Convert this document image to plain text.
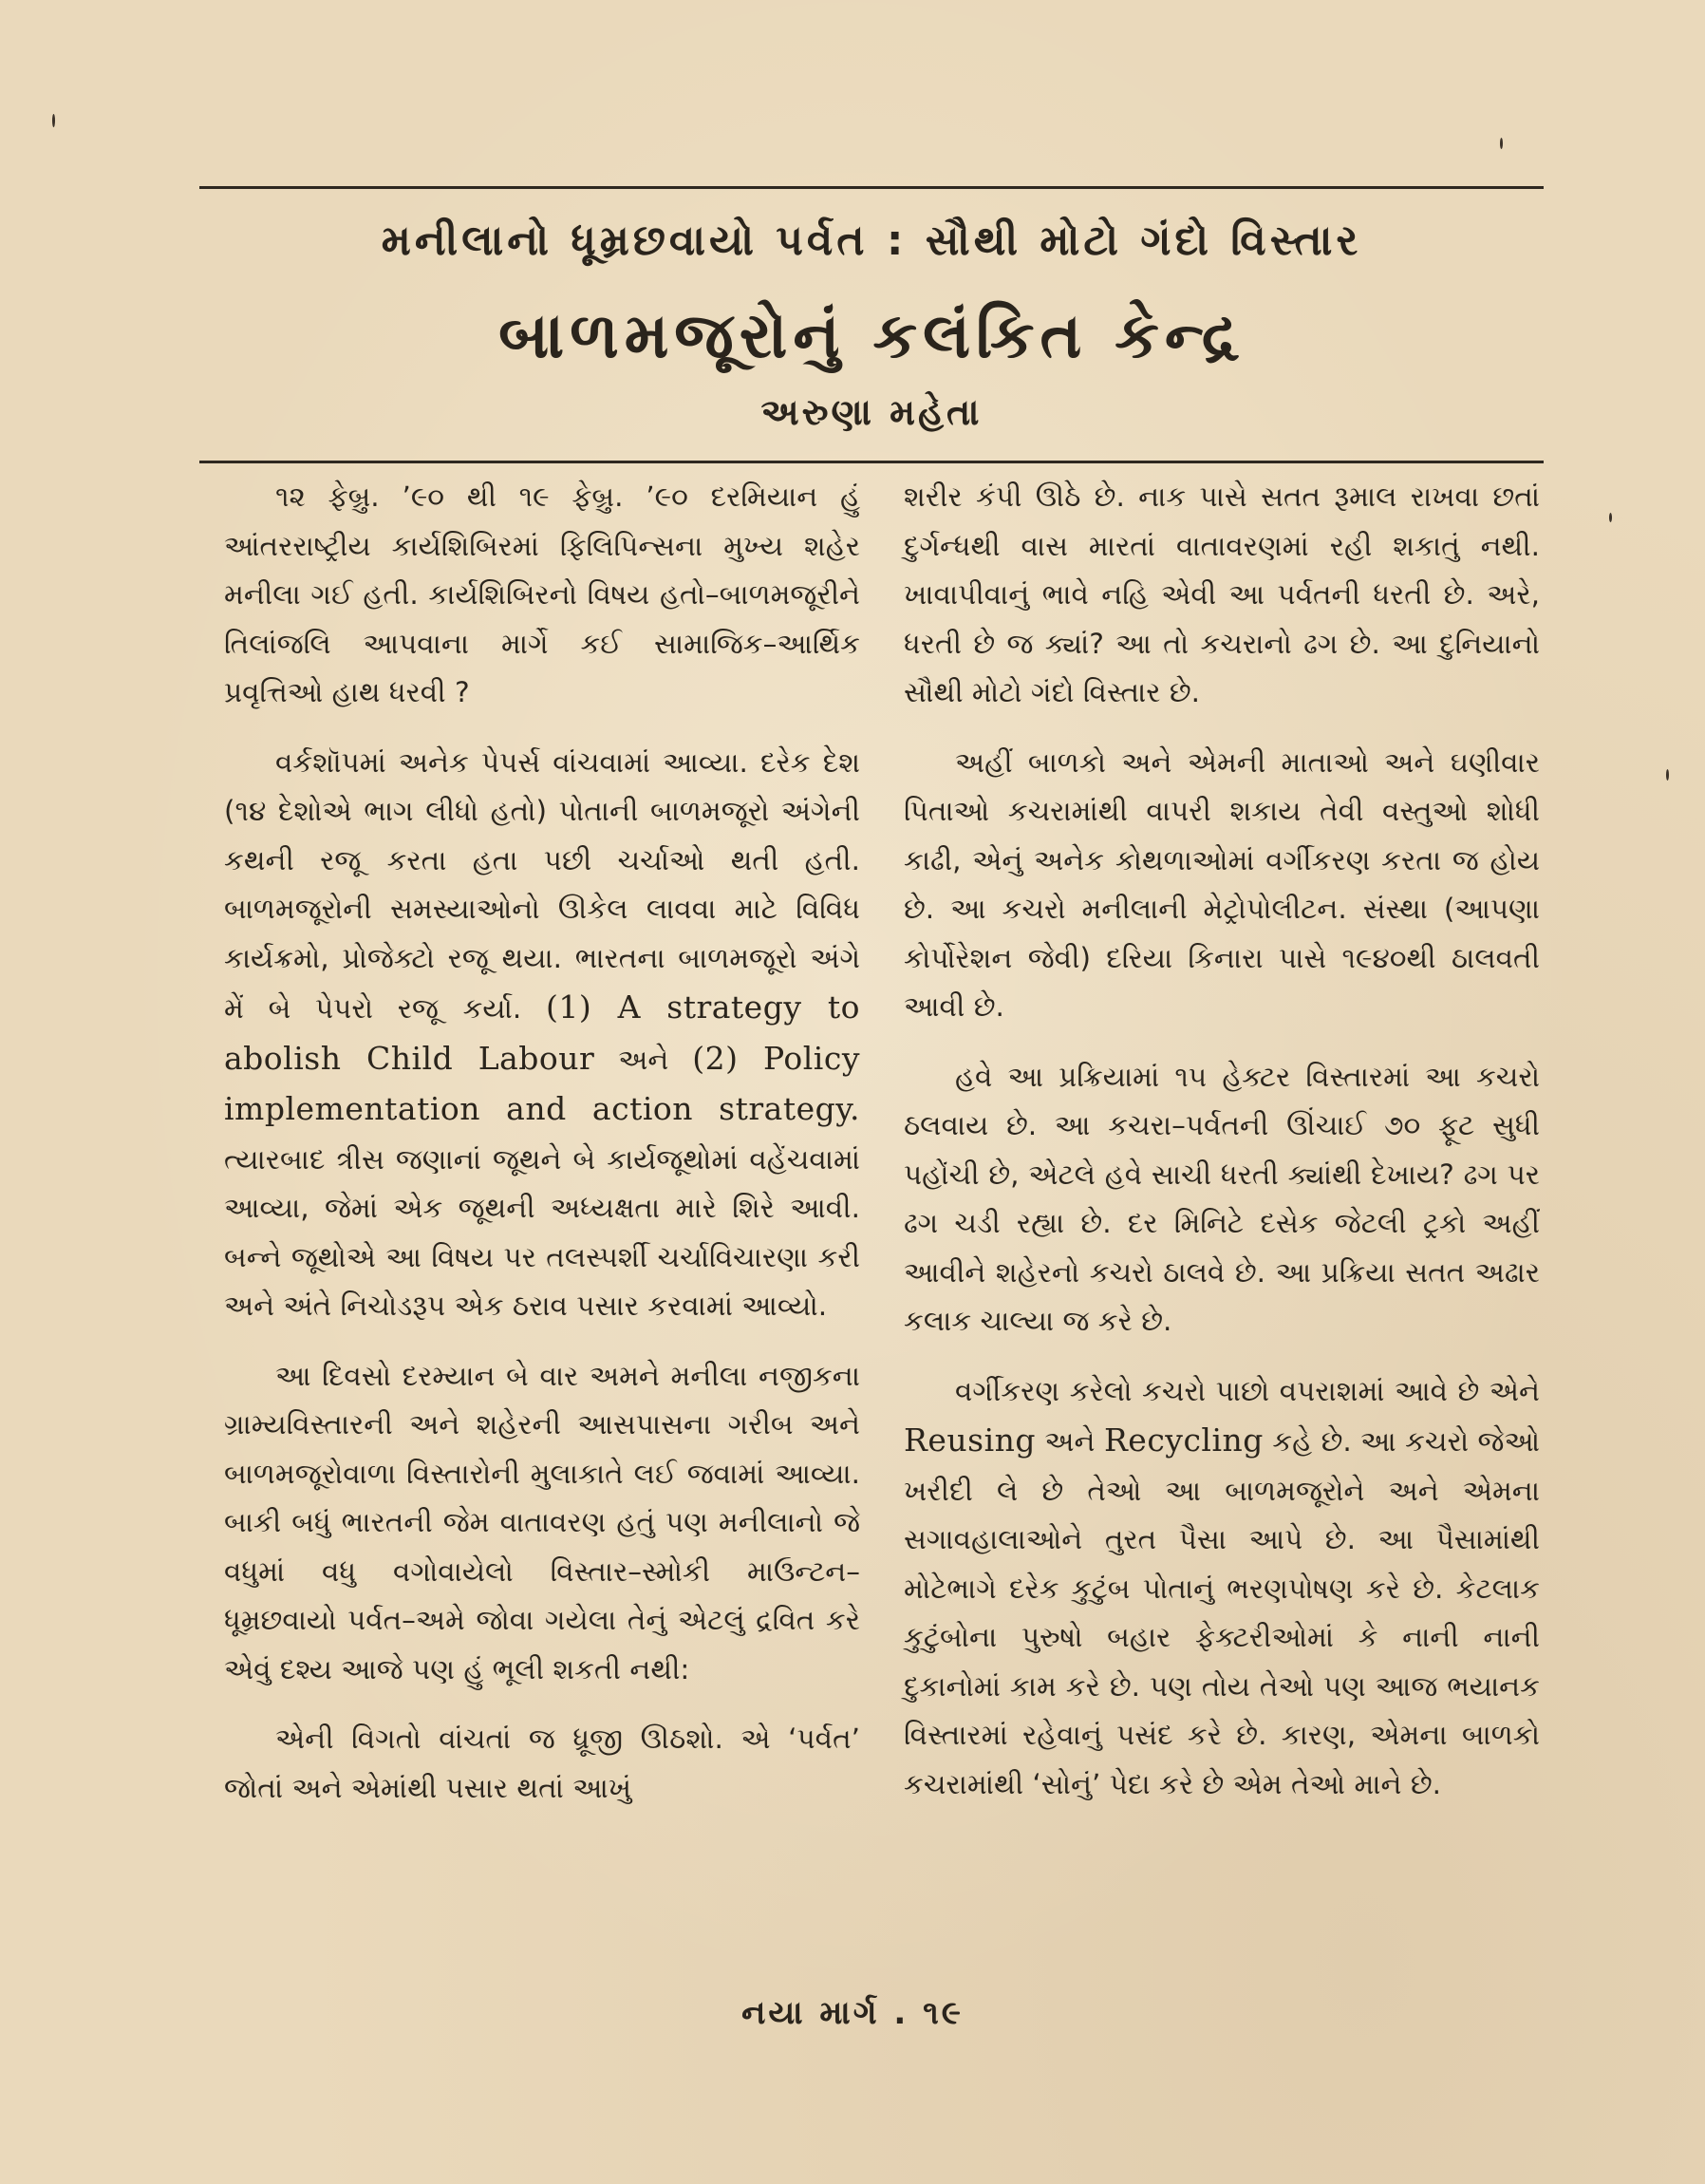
મનીલાનો ધૂમ્રછવાયો પર્વત : સૌથી મોટો ગંદો વિસ્તાર
બાળમજૂરોનું કલંકિત કેન્દ્ર
અરુણા મહેતા

૧૨ ફેબ્રુ. ’૯૦ થી ૧૯ ફેબ્રુ. ’૯૦ દરમિયાન હું આંતરરાષ્ટ્રીય કાર્યશિબિરમાં ફિલિપિન્સના મુખ્ય શહેર મનીલા ગઈ હતી. કાર્યશિબિરનો વિષય હતો–બાળમજૂરીને તિલાંજલિ આપવાના માર્ગે કઈ સામાજિક–આર્થિક પ્રવૃત્તિઓ હાથ ધરવી ?

વર્કશૉપમાં અનેક પેપર્સ વાંચવામાં આવ્યા. દરેક દેશ (૧૪ દેશોએ ભાગ લીધો હતો) પોતાની બાળમજૂરો અંગેની કથની રજૂ કરતા હતા પછી ચર્ચાઓ થતી હતી. બાળમજૂરોની સમસ્યાઓનો ઊકેલ લાવવા માટે વિવિધ કાર્યક્રમો, પ્રોજેક્ટો રજૂ થયા. ભારતના બાળમજૂરો અંગે મેં બે પેપરો રજૂ કર્યા. (1) A strategy to abolish Child Labour અને (2) Policy implementation and action strategy. ત્યારબાદ ત્રીસ જણાનાં જૂથને બે કાર્યજૂથોમાં વહેંચવામાં આવ્યા, જેમાં એક જૂથની અધ્યક્ષતા મારે શિરે આવી. બન્ને જૂથોએ આ વિષય પર તલસ્પર્શી ચર્ચાવિચારણા કરી અને અંતે નિચોડરૂપ એક ઠરાવ પસાર કરવામાં આવ્યો.

આ દિવસો દરમ્યાન બે વાર અમને મનીલા નજીકના ગ્રામ્યવિસ્તારની અને શહેરની આસપાસના ગરીબ અને બાળમજૂરોવાળા વિસ્તારોની મુલાકાતે લઈ જવામાં આવ્યા. બાકી બધું ભારતની જેમ વાતાવરણ હતું પણ મનીલાનો જે વધુમાં વધુ વગોવાયેલો વિસ્તાર–સ્મોકી માઉન્ટન–ધૂમ્રછવાયો પર્વત–અમે જોવા ગયેલા તેનું એટલું દ્રવિત કરે એવું દશ્ય આજે પણ હું ભૂલી શકતી નથી:

એની વિગતો વાંચતાં જ ધ્રૂજી ઊઠશો. એ ‘પર્વત’ જોતાં અને એમાંથી પસાર થતાં આખું

શરીર કંપી ઊઠે છે. નાક પાસે સતત રૂમાલ રાખવા છતાં દુર્ગન્ધથી વાસ મારતાં વાતાવરણમાં રહી શકાતું નથી. ખાવાપીવાનું ભાવે નહિ એવી આ પર્વતની ધરતી છે. અરે, ધરતી છે જ ક્યાં? આ તો કચરાનો ઢગ છે. આ દુનિયાનો સૌથી મોટો ગંદો વિસ્તાર છે.

અહીં બાળકો અને એમની માતાઓ અને ઘણીવાર પિતાઓ કચરામાંથી વાપરી શકાય તેવી વસ્તુઓ શોધી કાઢી, એનું અનેક કોથળાઓમાં વર્ગીકરણ કરતા જ હોય છે. આ કચરો મનીલાની મેટ્રોપોલીટન. સંસ્થા (આપણા કોર્પોરેશન જેવી) દરિયા કિનારા પાસે ૧૯૪૦થી ઠાલવતી આવી છે.

હવે આ પ્રક્રિયામાં ૧૫ હેક્ટર વિસ્તારમાં આ કચરો ઠલવાય છે. આ કચરા–પર્વતની ઊંચાઈ ૭૦ ફૂટ સુધી પહોંચી છે, એટલે હવે સાચી ધરતી ક્યાંથી દેખાય? ઢગ પર ઢગ ચડી રહ્યા છે. દર મિનિટે દસેક જેટલી ટ્રકો અહીં આવીને શહેરનો કચરો ઠાલવે છે. આ પ્રક્રિયા સતત અઢાર કલાક ચાલ્યા જ કરે છે.

વર્ગીકરણ કરેલો કચરો પાછો વપરાશમાં આવે છે એને Reusing અને Recycling કહે છે. આ કચરો જેઓ ખરીદી લે છે તેઓ આ બાળમજૂરોને અને એમના સગાવહાલાઓને તુરત પૈસા આપે છે. આ પૈસામાંથી મોટેભાગે દરેક કુટુંબ પોતાનું ભરણપોષણ કરે છે. કેટલાક કુટુંબોના પુરુષો બહાર ફેક્ટરીઓમાં કે નાની નાની દુકાનોમાં કામ કરે છે. પણ તોય તેઓ પણ આજ ભયાનક વિસ્તારમાં રહેવાનું પસંદ કરે છે. કારણ, એમના બાળકો કચરામાંથી ‘સોનું’ પેદા કરે છે એમ તેઓ માને છે.

નયા માર્ગ . ૧૯
